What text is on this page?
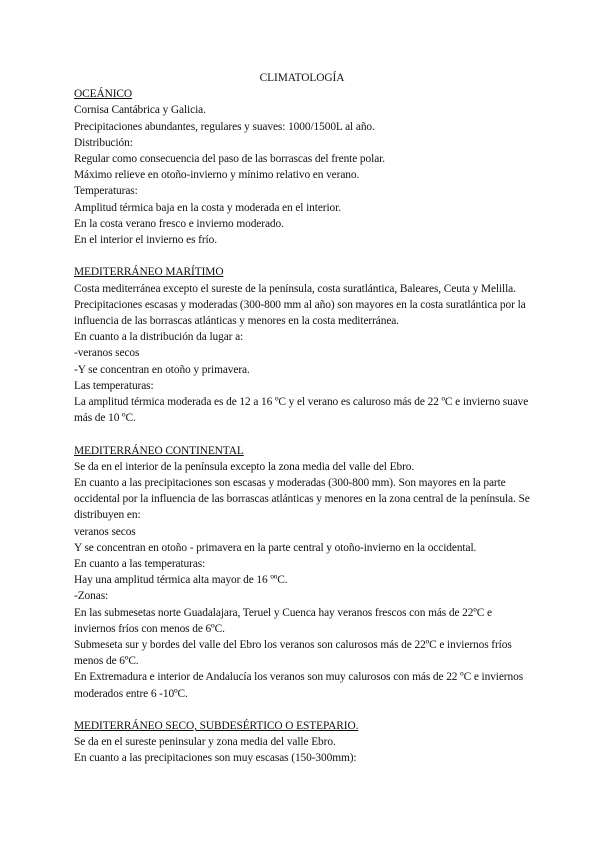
CLIMATOLOGÍA

OCEÁNICO

Cornisa Cantábrica y Galicia.

Precipitaciones abundantes, regulares y suaves: 1000/1500L al año.

Distribución:

Regular como consecuencia del paso de las borrascas del frente polar.

Máximo relieve en otoño-invierno y mínimo relativo en verano.

Temperaturas:

Amplitud térmica baja en la costa y moderada en el interior.

En la costa verano fresco e invierno moderado.

En el interior el invierno es frío.

MEDITERRÁNEO MARÍTIMO

Costa mediterránea excepto el sureste de la península, costa suratlántica, Baleares, Ceuta y Melilla.

Precipitaciones escasas y moderadas (300-800 mm al año) son mayores en la costa suratlántica por la influencia de las borrascas atlánticas y menores en la costa mediterránea.

En cuanto a la distribución da lugar a:

-veranos secos

-Y se concentran en otoño y primavera.

Las temperaturas:

La amplitud térmica moderada es de 12 a 16 ºC y el verano es caluroso más de 22 ºC e invierno suave más de 10 ºC.

MEDITERRÁNEO CONTINENTAL

Se da en el interior de la península excepto la zona media del valle del Ebro.

En cuanto a las precipitaciones son escasas y moderadas (300-800 mm). Son mayores en la parte occidental por la influencia de las borrascas atlánticas y menores en la zona central de la península. Se distribuyen en:

veranos secos

Y se concentran en otoño - primavera en la parte central y otoño-invierno en la occidental.

En cuanto a las temperaturas:

Hay una amplitud térmica alta mayor de 16 ººC.

-Zonas:

En las submesetas norte Guadalajara, Teruel y Cuenca hay veranos frescos con más de 22ºC e inviernos fríos con menos de 6ºC.

Submeseta sur y bordes del valle del Ebro los veranos son calurosos más de 22ºC e inviernos fríos menos de 6ºC.

En Extremadura e interior de Andalucía los veranos son muy calurosos con más de 22 ºC e inviernos moderados entre 6 -10ºC.

MEDITERRÁNEO SECO, SUBDESÉRTICO O ESTEPARIO.

Se da en el sureste peninsular y zona media del valle Ebro.

En cuanto a las precipitaciones son muy escasas (150-300mm):
